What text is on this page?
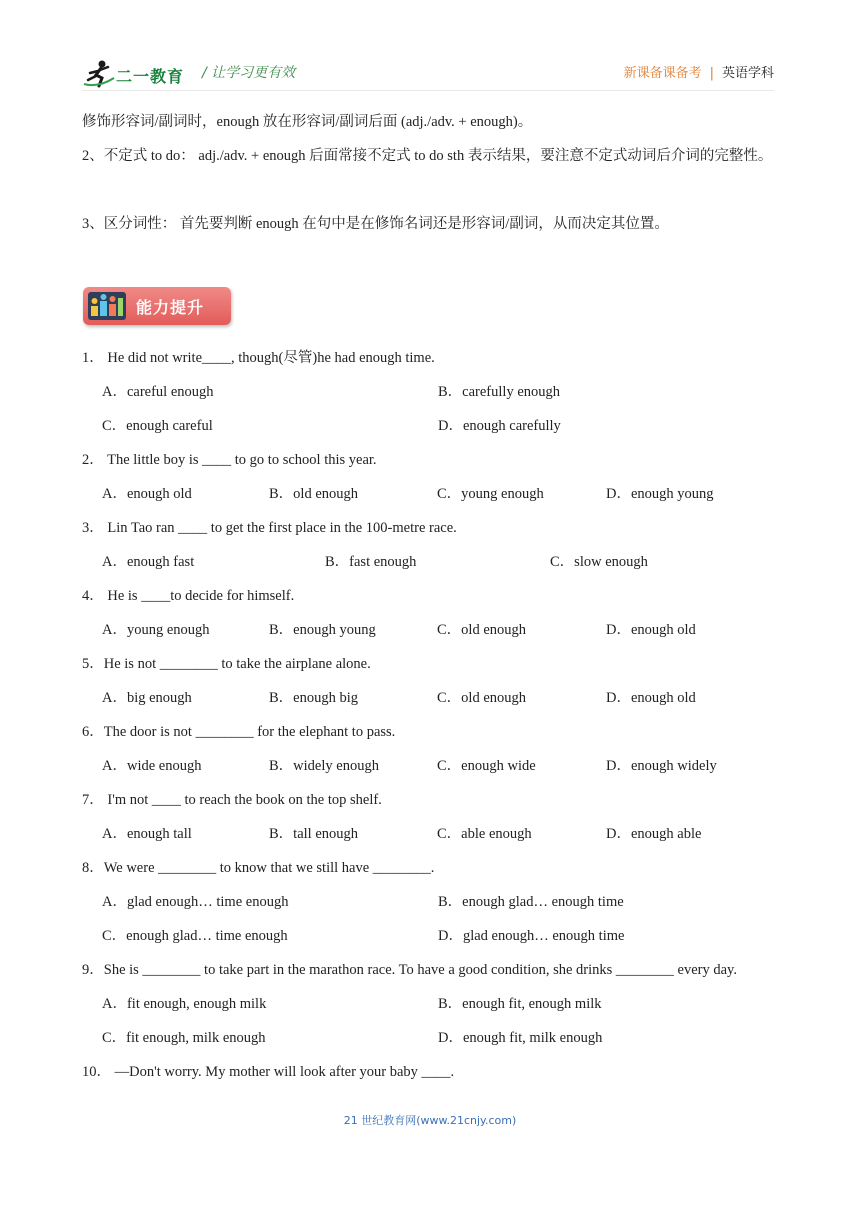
二一教育 / 让学习更有效	新课备课备考 | 英语学科
修饰形容词/副词时，enough 放在形容词/副词后面 (adj./adv. + enough)。
2、不定式 to do： adj./adv. + enough 后面常接不定式 to do sth 表示结果，要注意不定式动词后介词的完整性。
3、区分词性： 首先要判断 enough 在句中是在修饰名词还是形容词/副词，从而决定其位置。
能力提升
1． He did not write____, though(尽管)he had enough time.
A．careful enough	B．carefully enough
C．enough careful	D．enough carefully
2． The little boy is ____ to go to school this year.
A．enough old	B．old enough	C．young enough	D．enough young
3． Lin Tao ran ____ to get the first place in the 100-metre race.
A．enough fast	B．fast enough	C．slow enough
4． He is ____to decide for himself.
A．young enough	B．enough young	C．old enough	D．enough old
5．He is not ________ to take the airplane alone.
A．big enough	B．enough big	C．old enough	D．enough old
6．The door is not ________ for the elephant to pass.
A．wide enough	B．widely enough	C．enough wide	D．enough widely
7． I'm not ____ to reach the book on the top shelf.
A．enough tall	B．tall enough	C．able enough	D．enough able
8．We were ________ to know that we still have ________.
A．glad enough… time enough	B．enough glad… enough time
C．enough glad… time enough	D．glad enough… enough time
9．She is ________ to take part in the marathon race. To have a good condition, she drinks ________ every day.
A．fit enough, enough milk	B．enough fit, enough milk
C．fit enough, milk enough	D．enough fit, milk enough
10． —Don't worry. My mother will look after your baby ____.
21 世纪教育网(www.21cnjy.com)
